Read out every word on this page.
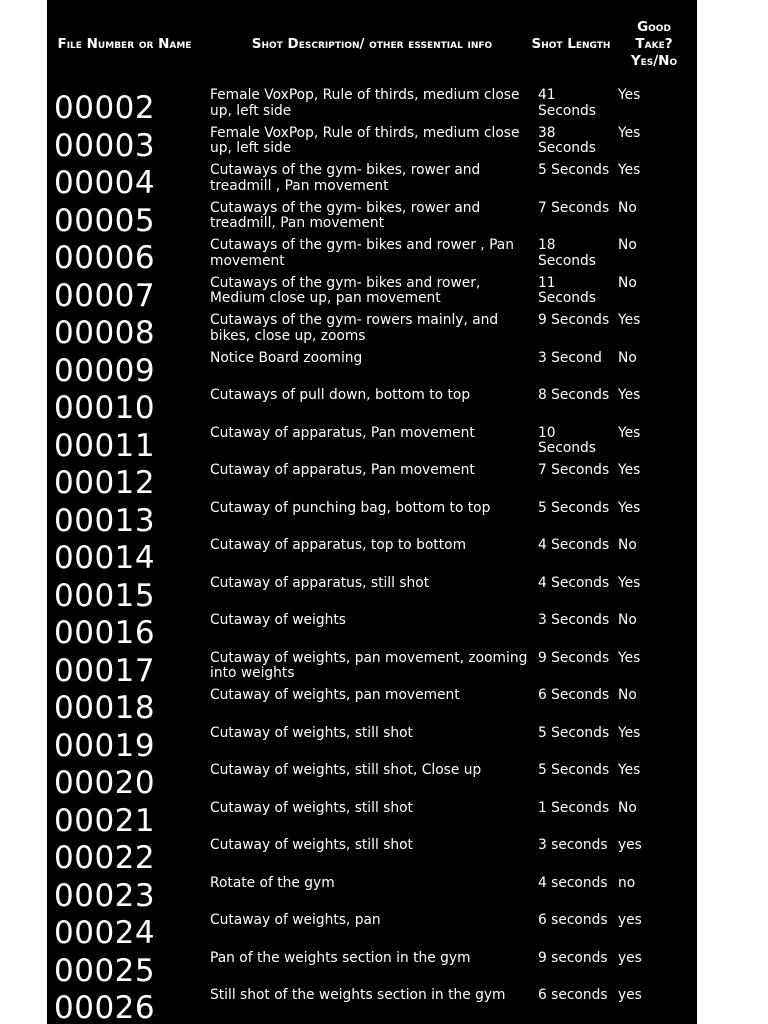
File Number or Name	Shot Description/ other essential info	Shot Length
Good Take? Yes/No
00002	Female VoxPop, Rule of thirds, medium close up, left side
41 Seconds
Yes
00003	Female VoxPop, Rule of thirds, medium close up, left side
38 Seconds
Yes
00004	Cutaways of the gym- bikes, rower and treadmill , Pan movement
5 Seconds Yes
00005	Cutaways of the gym- bikes, rower and treadmill, Pan movement
7 Seconds No
00006	Cutaways of the gym- bikes and rower , Pan movement
18 Seconds
No
00007	Cutaways of the gym- bikes and rower, Medium close up, pan movement
11 Seconds
No
00008	Cutaways of the gym- rowers mainly, and bikes, close up, zooms
9 Seconds Yes
00009	Notice Board zooming	3 Second	No
00010	Cutaways of pull down, bottom to top	8 Seconds Yes
00011	Cutaway of apparatus, Pan movement	10 Seconds
Yes
00012	Cutaway of apparatus, Pan movement	7 Seconds Yes
00013	Cutaway of punching bag, bottom to top	5 Seconds Yes
00014	Cutaway of apparatus, top to bottom	4 Seconds No
00015	Cutaway of apparatus, still shot	4 Seconds Yes
00016	Cutaway of weights	3 Seconds No
00017	Cutaway of weights, pan movement, zooming into weights
9 Seconds Yes
00018	Cutaway of weights, pan movement	6 Seconds No
00019	Cutaway of weights, still shot	5 Seconds Yes
00020	Cutaway of weights, still shot, Close up	5 Seconds Yes
00021	Cutaway of weights, still shot	1 Seconds No
00022	Cutaway of weights, still shot	3 seconds yes
00023	Rotate of the gym	4 seconds no
00024	Cutaway of weights, pan	6 seconds yes
00025	Pan of the weights section in the gym	9 seconds yes
00026	Still shot of the weights section in the gym	6 seconds yes
